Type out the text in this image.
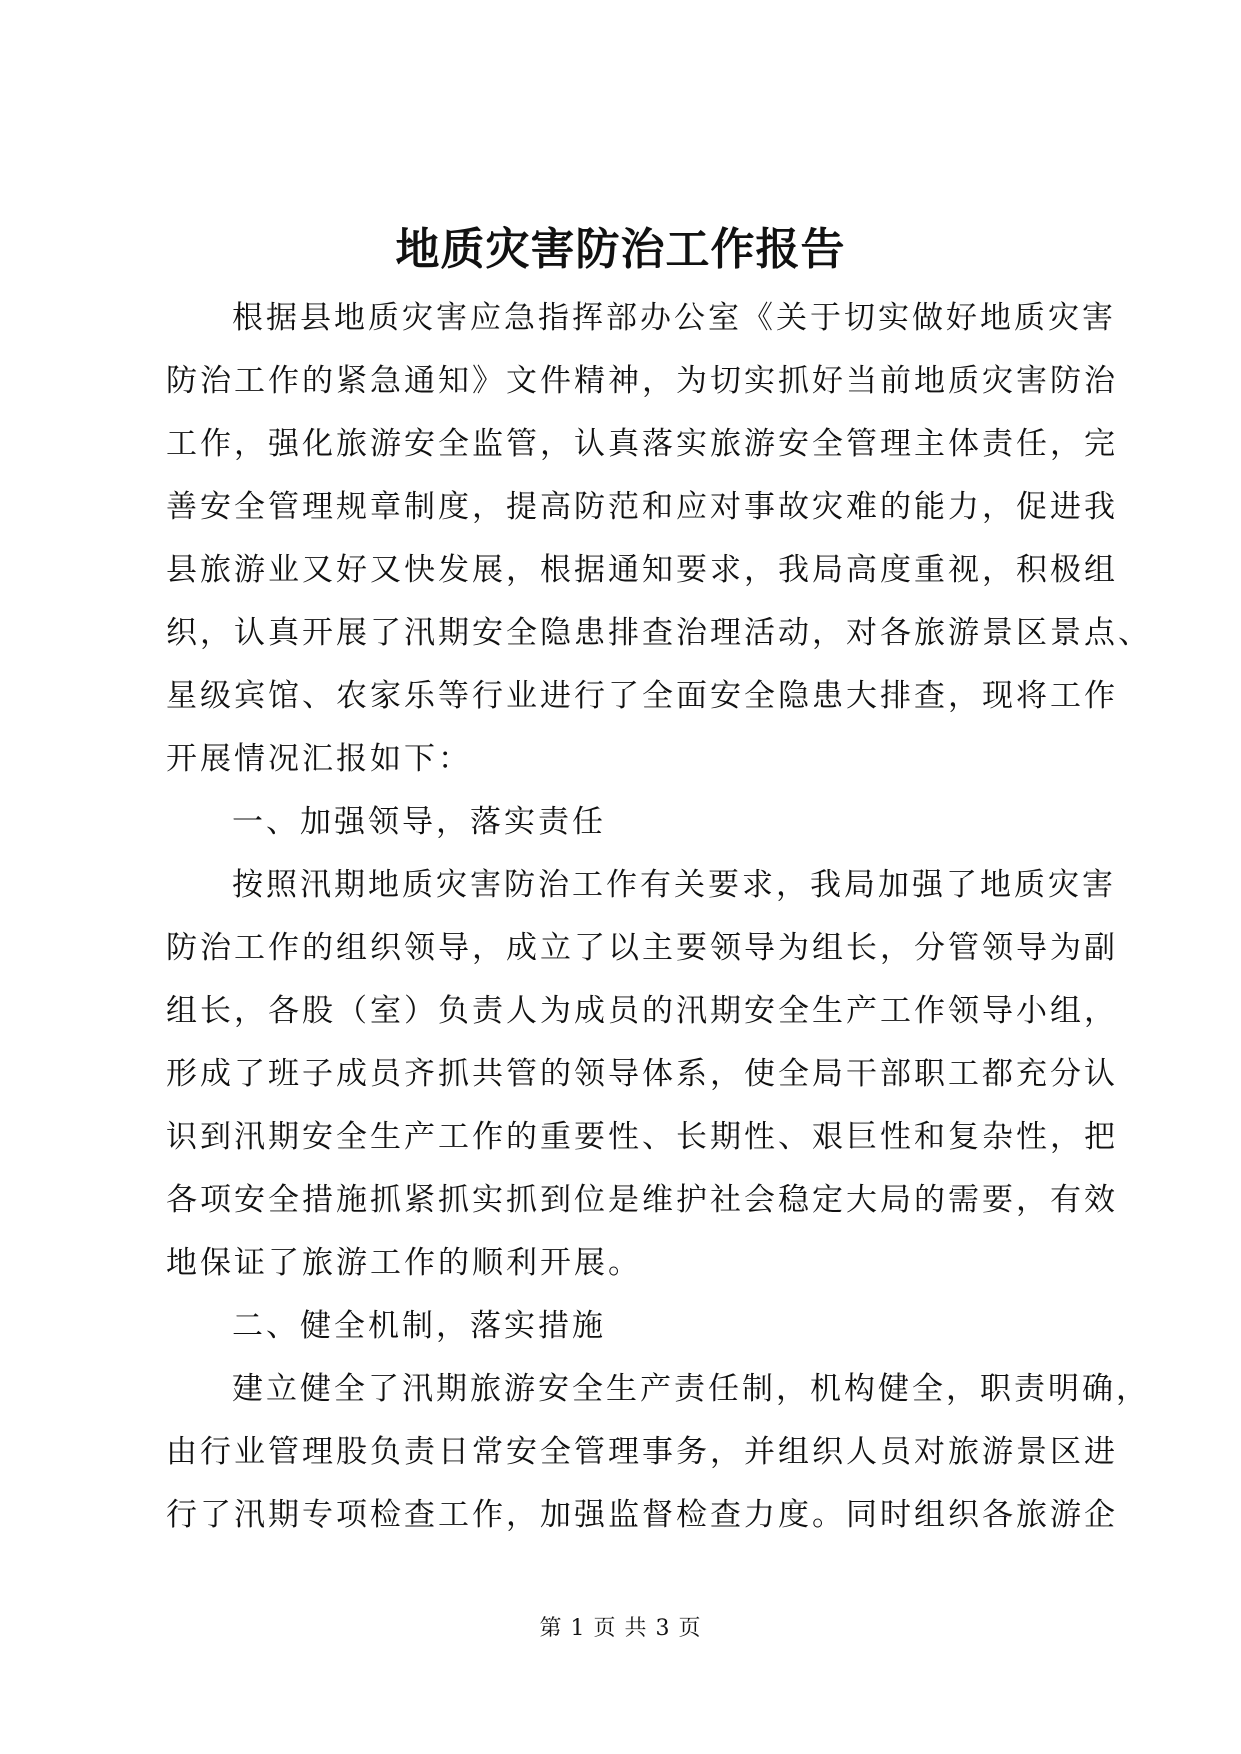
地质灾害防治工作报告
根据县地质灾害应急指挥部办公室《关于切实做好地质灾害
防治工作的紧急通知》文件精神，为切实抓好当前地质灾害防治
工作，强化旅游安全监管，认真落实旅游安全管理主体责任，完
善安全管理规章制度，提高防范和应对事故灾难的能力，促进我
县旅游业又好又快发展，根据通知要求，我局高度重视，积极组
织，认真开展了汛期安全隐患排查治理活动，对各旅游景区景点、
星级宾馆、农家乐等行业进行了全面安全隐患大排查，现将工作
开展情况汇报如下：
一、加强领导，落实责任
按照汛期地质灾害防治工作有关要求，我局加强了地质灾害
防治工作的组织领导，成立了以主要领导为组长，分管领导为副
组长，各股（室）负责人为成员的汛期安全生产工作领导小组，
形成了班子成员齐抓共管的领导体系，使全局干部职工都充分认
识到汛期安全生产工作的重要性、长期性、艰巨性和复杂性，把
各项安全措施抓紧抓实抓到位是维护社会稳定大局的需要，有效
地保证了旅游工作的顺利开展。
二、健全机制，落实措施
建立健全了汛期旅游安全生产责任制，机构健全，职责明确，
由行业管理股负责日常安全管理事务，并组织人员对旅游景区进
行了汛期专项检查工作，加强监督检查力度。同时组织各旅游企
第 1 页 共 3 页
